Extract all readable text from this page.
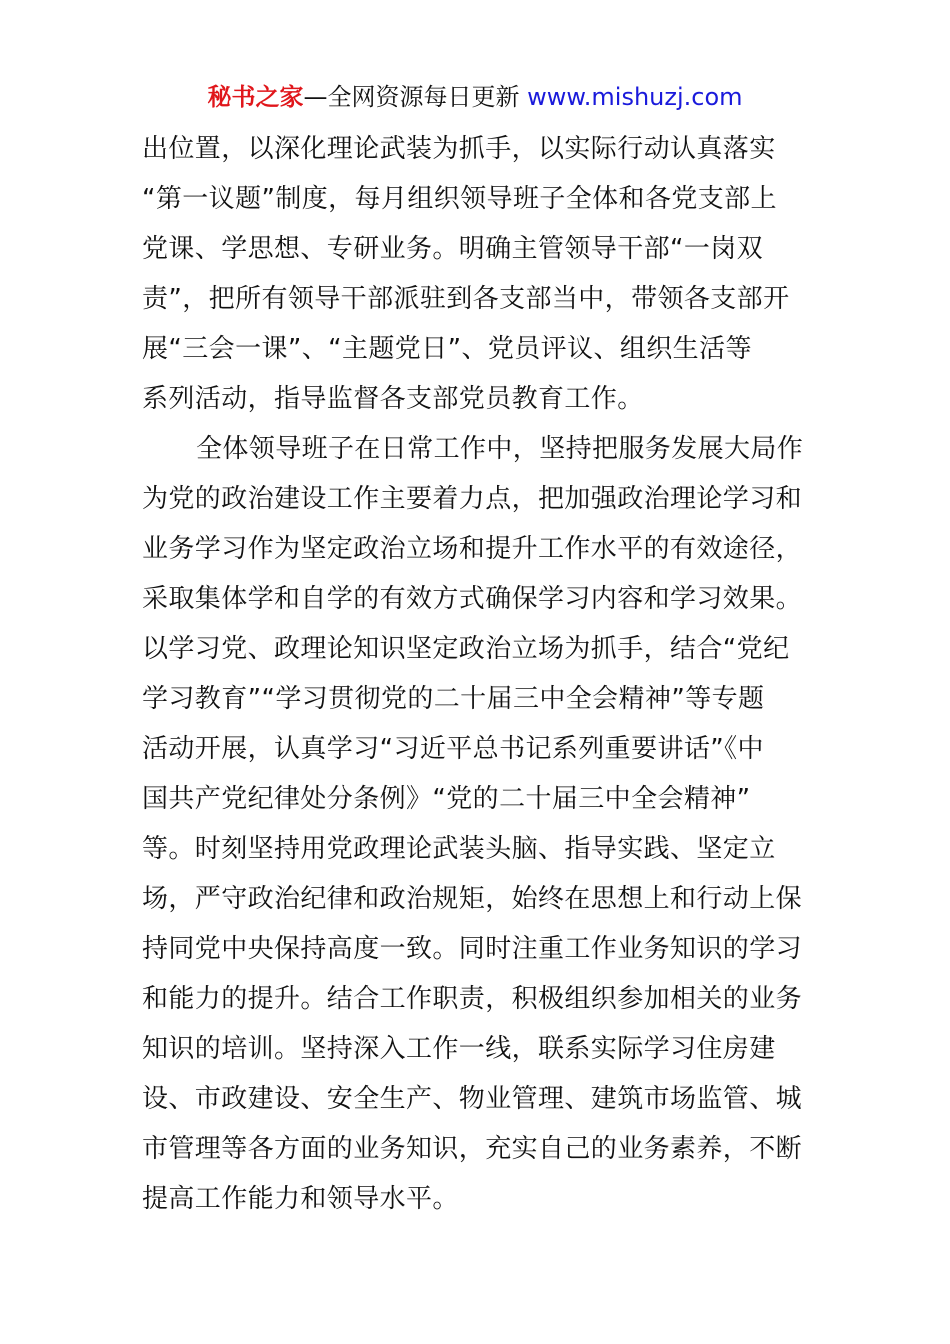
秘书之家—全网资源每日更新 www.mishuzj.com
出位置，以深化理论武装为抓手，以实际行动认真落实
“第一议题”制度，每月组织领导班子全体和各党支部上
党课、学思想、专研业务。明确主管领导干部“一岗双
责”，把所有领导干部派驻到各支部当中，带领各支部开
展“三会一课”、“主题党日”、党员评议、组织生活等
系列活动，指导监督各支部党员教育工作。
全体领导班子在日常工作中，坚持把服务发展大局作
为党的政治建设工作主要着力点，把加强政治理论学习和
业务学习作为坚定政治立场和提升工作水平的有效途径，
采取集体学和自学的有效方式确保学习内容和学习效果。
以学习党、政理论知识坚定政治立场为抓手，结合“党纪
学习教育”“学习贯彻党的二十届三中全会精神”等专题
活动开展，认真学习“习近平总书记系列重要讲话”《中
国共产党纪律处分条例》“党的二十届三中全会精神”
等。时刻坚持用党政理论武装头脑、指导实践、坚定立
场，严守政治纪律和政治规矩，始终在思想上和行动上保
持同党中央保持高度一致。同时注重工作业务知识的学习
和能力的提升。结合工作职责，积极组织参加相关的业务
知识的培训。坚持深入工作一线，联系实际学习住房建
设、市政建设、安全生产、物业管理、建筑市场监管、城
市管理等各方面的业务知识，充实自己的业务素养，不断
提高工作能力和领导水平。
